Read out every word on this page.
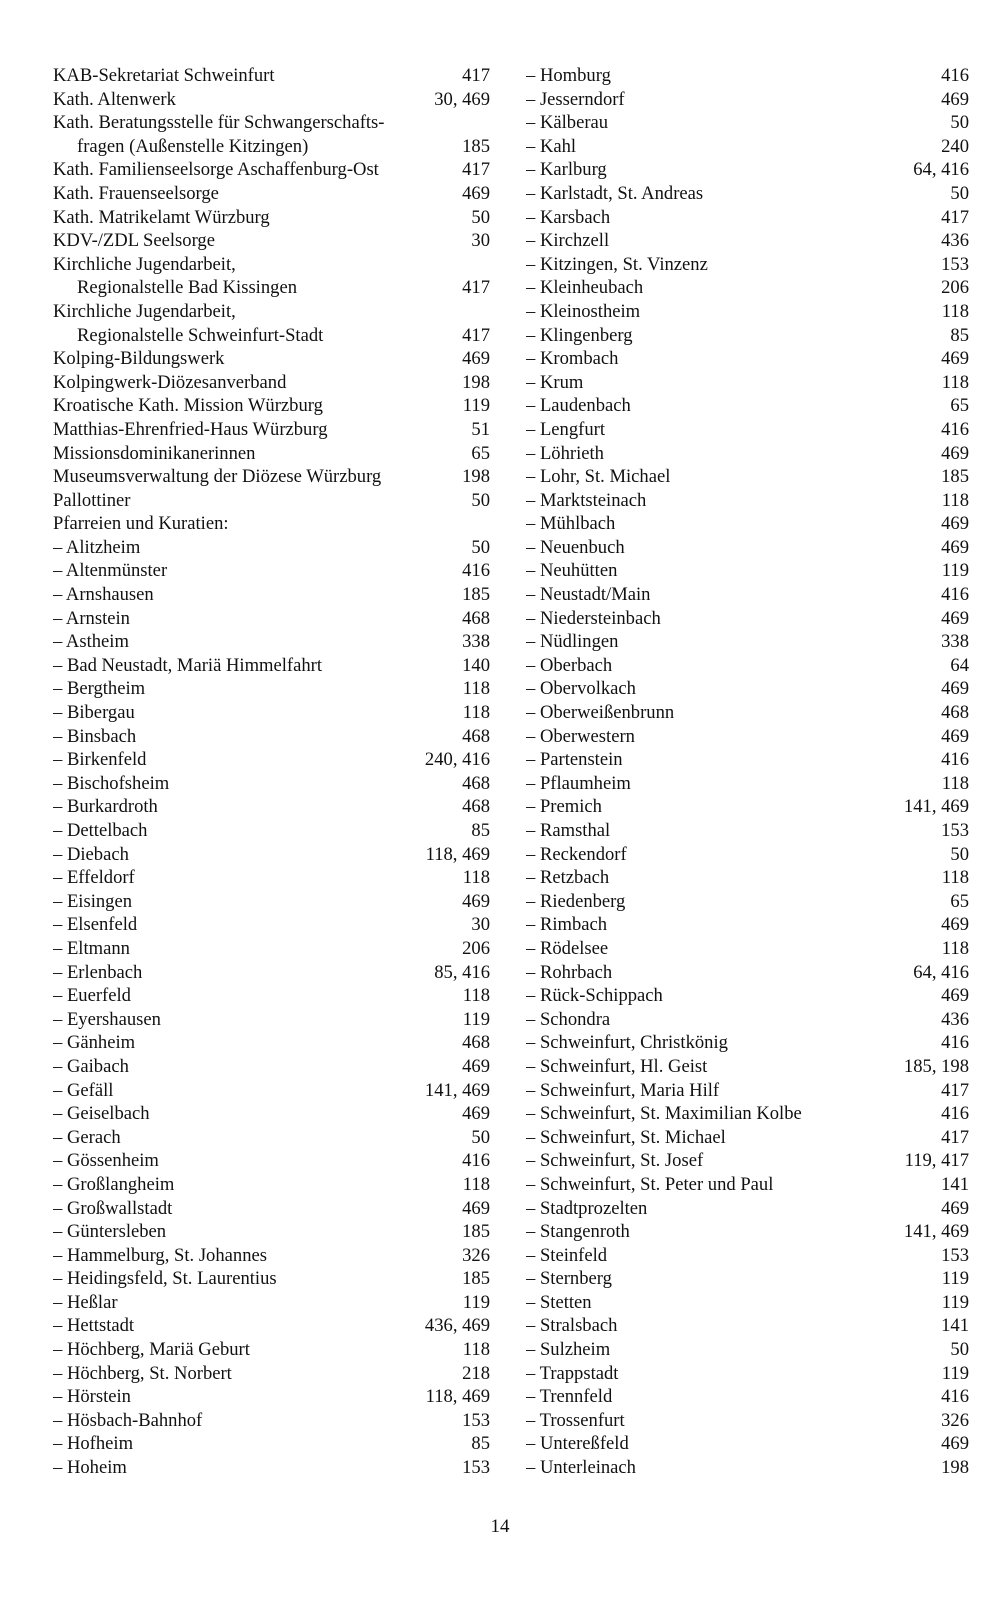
KAB-Sekretariat Schweinfurt	417
Kath. Altenwerk	30, 469
Kath. Beratungsstelle für Schwangerschafts-
fragen (Außenstelle Kitzingen)	185
Kath. Familienseelsorge Aschaffenburg-Ost	417
Kath. Frauenseelsorge	469
Kath. Matrikelamt Würzburg	50
KDV-/ZDL Seelsorge	30
Kirchliche Jugendarbeit,
Regionalstelle Bad Kissingen	417
Kirchliche Jugendarbeit,
Regionalstelle Schweinfurt-Stadt	417
Kolping-Bildungswerk	469
Kolpingwerk-Diözesanverband	198
Kroatische Kath. Mission Würzburg	119
Matthias-Ehrenfried-Haus Würzburg	51
Missionsdominikanerinnen	65
Museumsverwaltung der Diözese Würzburg	198
Pallottiner	50
Pfarreien und Kuratien:
– Alitzheim	50
– Altenmünster	416
– Arnshausen	185
– Arnstein	468
– Astheim	338
– Bad Neustadt, Mariä Himmelfahrt	140
– Bergtheim	118
– Bibergau	118
– Binsbach	468
– Birkenfeld	240, 416
– Bischofsheim	468
– Burkardroth	468
– Dettelbach	85
– Diebach	118, 469
– Effeldorf	118
– Eisingen	469
– Elsenfeld	30
– Eltmann	206
– Erlenbach	85, 416
– Euerfeld	118
– Eyershausen	119
– Gänheim	468
– Gaibach	469
– Gefäll	141, 469
– Geiselbach	469
– Gerach	50
– Gössenheim	416
– Großlangheim	118
– Großwallstadt	469
– Güntersleben	185
– Hammelburg, St. Johannes	326
– Heidingsfeld, St. Laurentius	185
– Heßlar	119
– Hettstadt	436, 469
– Höchberg, Mariä Geburt	118
– Höchberg, St. Norbert	218
– Hörstein	118, 469
– Hösbach-Bahnhof	153
– Hofheim	85
– Hoheim	153
– Homburg	416
– Jesserndorf	469
– Kälberau	50
– Kahl	240
– Karlburg	64, 416
– Karlstadt, St. Andreas	50
– Karsbach	417
– Kirchzell	436
– Kitzingen, St. Vinzenz	153
– Kleinheubach	206
– Kleinostheim	118
– Klingenberg	85
– Krombach	469
– Krum	118
– Laudenbach	65
– Lengfurt	416
– Löhrieth	469
– Lohr, St. Michael	185
– Marktsteinach	118
– Mühlbach	469
– Neuenbuch	469
– Neuhütten	119
– Neustadt/Main	416
– Niedersteinbach	469
– Nüdlingen	338
– Oberbach	64
– Obervolkach	469
– Oberweißenbrunn	468
– Oberwestern	469
– Partenstein	416
– Pflaumheim	118
– Premich	141, 469
– Ramsthal	153
– Reckendorf	50
– Retzbach	118
– Riedenberg	65
– Rimbach	469
– Rödelsee	118
– Rohrbach	64, 416
– Rück-Schippach	469
– Schondra	436
– Schweinfurt, Christkönig	416
– Schweinfurt, Hl. Geist	185, 198
– Schweinfurt, Maria Hilf	417
– Schweinfurt, St. Maximilian Kolbe	416
– Schweinfurt, St. Michael	417
– Schweinfurt, St. Josef	119, 417
– Schweinfurt, St. Peter und Paul	141
– Stadtprozelten	469
– Stangenroth	141, 469
– Steinfeld	153
– Sternberg	119
– Stetten	119
– Stralsbach	141
– Sulzheim	50
– Trappstadt	119
– Trennfeld	416
– Trossenfurt	326
– Untereßfeld	469
– Unterleinach	198
14
